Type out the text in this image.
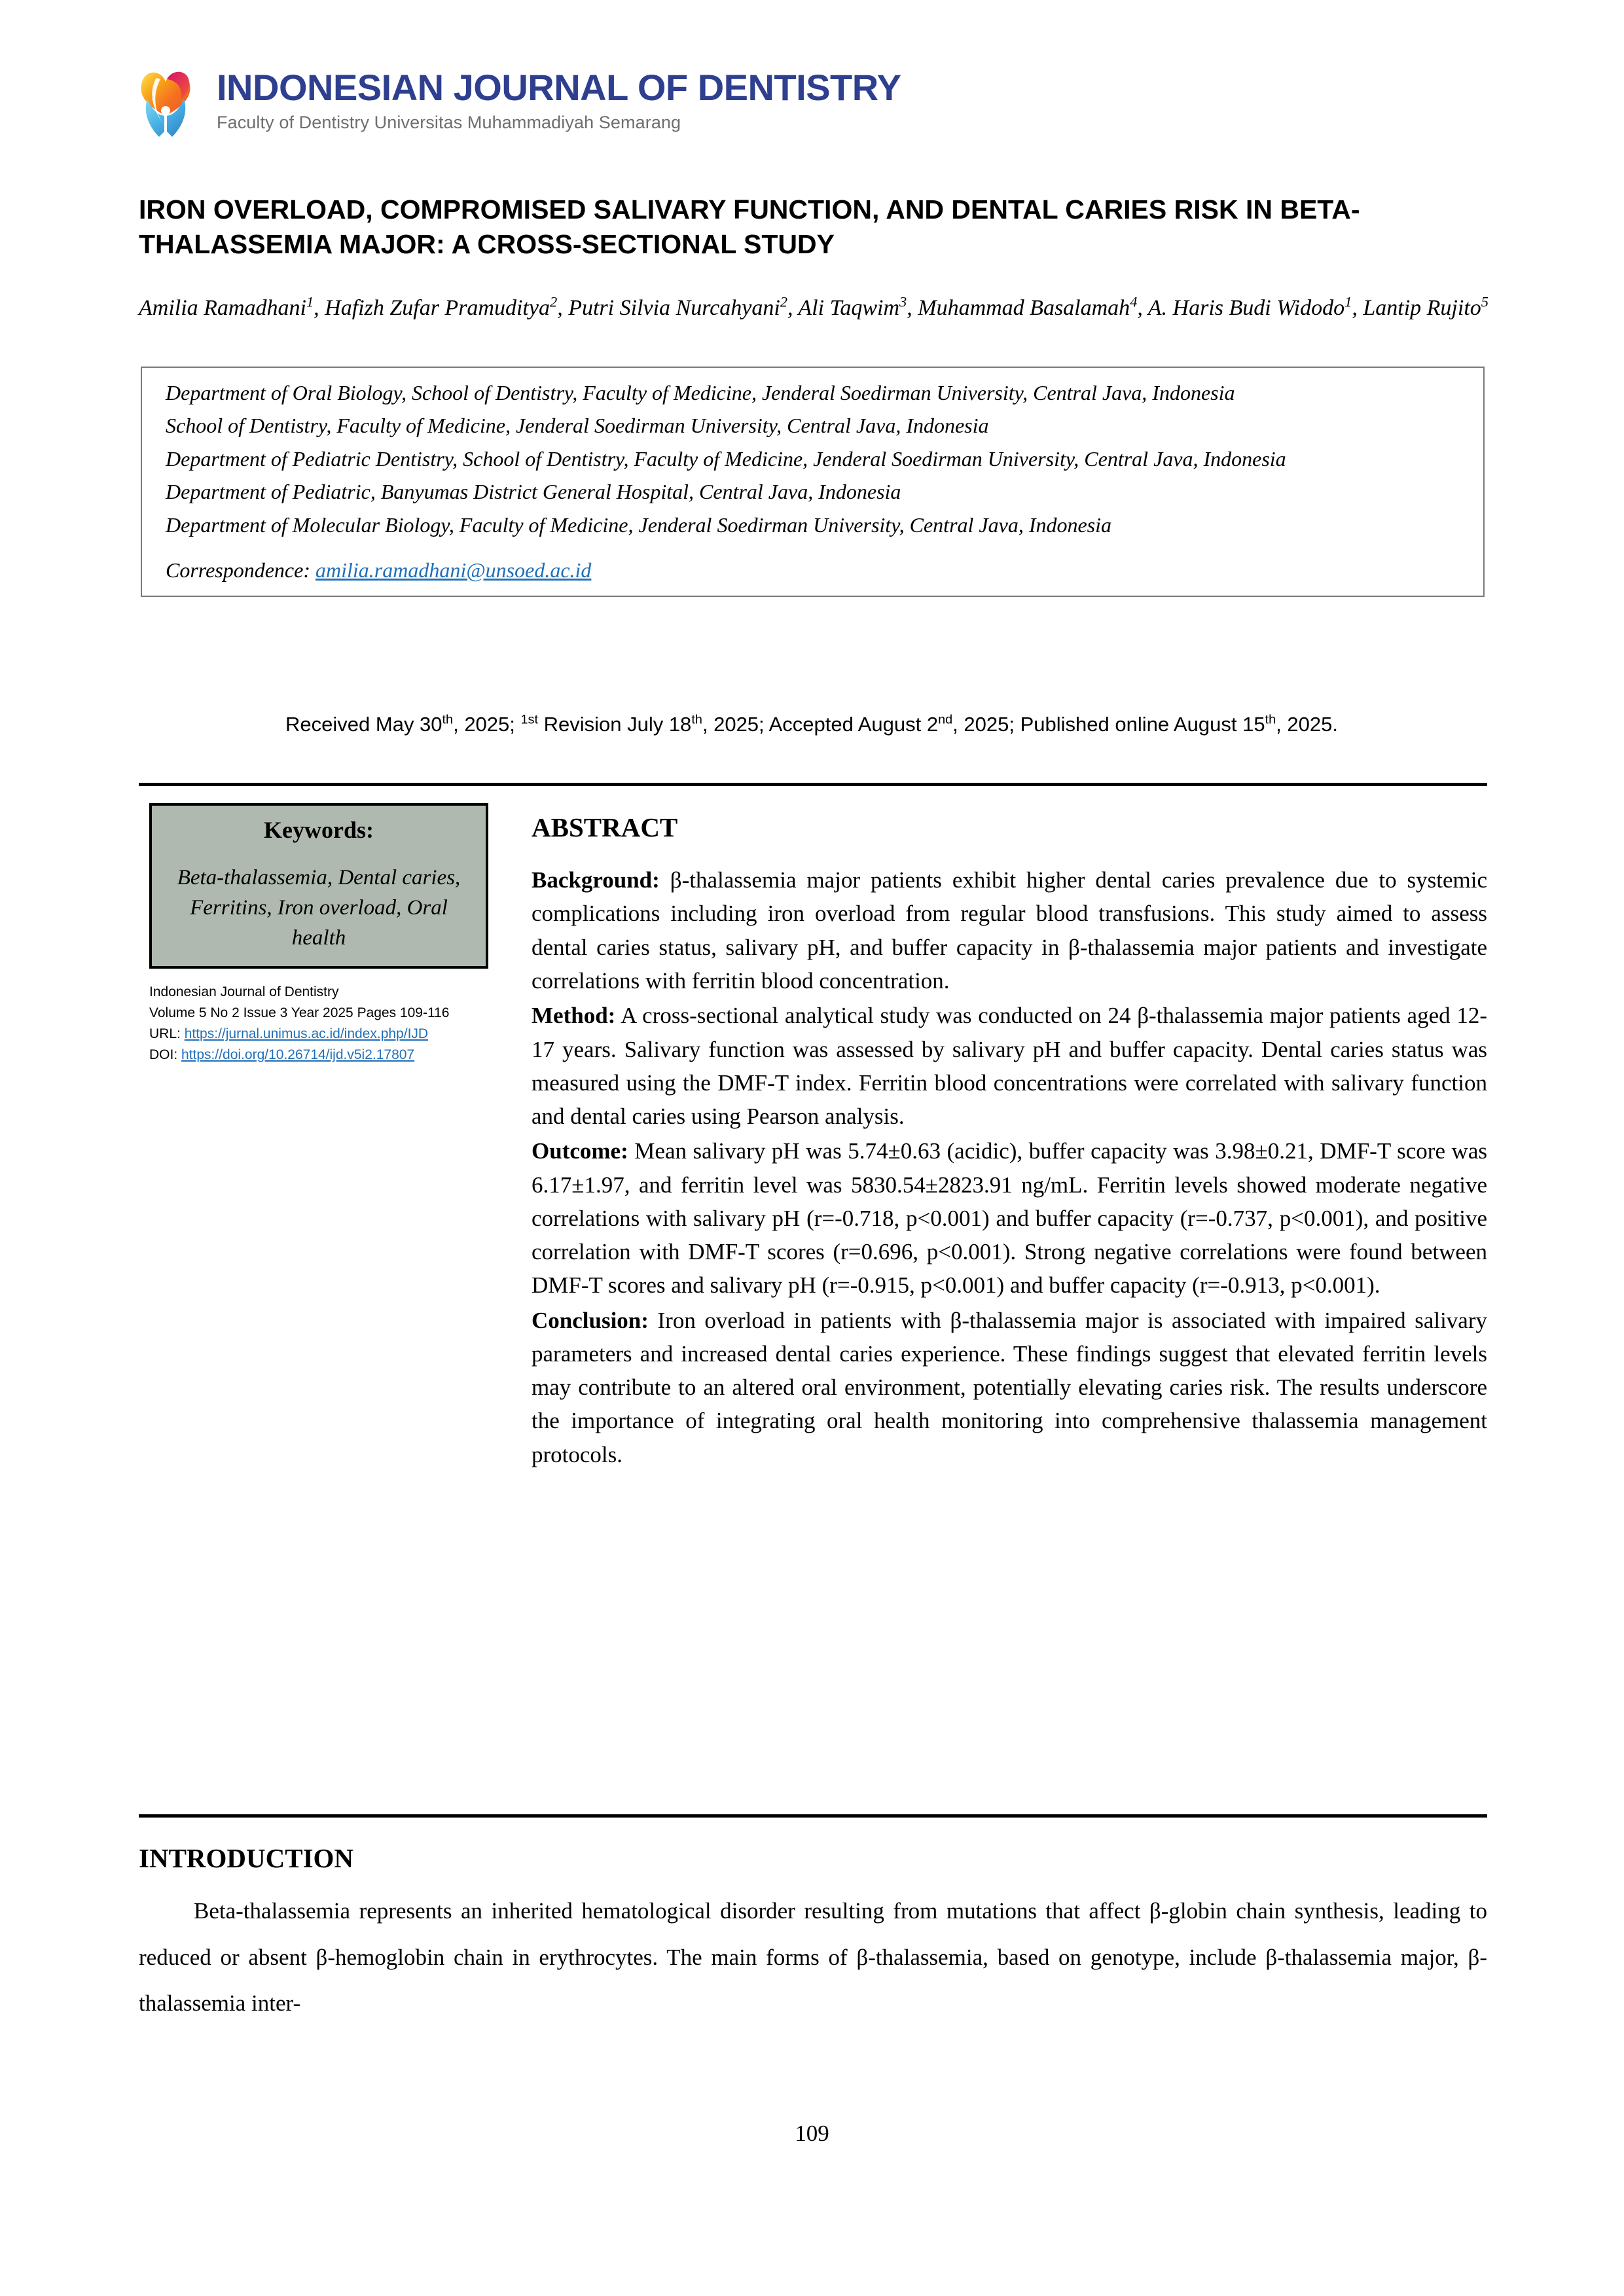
INDONESIAN JOURNAL OF DENTISTRY
Faculty of Dentistry Universitas Muhammadiyah Semarang
IRON OVERLOAD, COMPROMISED SALIVARY FUNCTION, AND DENTAL CARIES RISK IN BETA-THALASSEMIA MAJOR: A CROSS-SECTIONAL STUDY
Amilia Ramadhani$^1$, Hafizh Zufar Pramuditya$^2$, Putri Silvia Nurcahyani$^2$, Ali Taqwim$^3$, Muhammad Basalamah$^4$, A. Haris Budi Widodo$^1$, Lantip Rujito$^5$
Department of Oral Biology, School of Dentistry, Faculty of Medicine, Jenderal Soedirman University, Central Java, Indonesia
School of Dentistry, Faculty of Medicine, Jenderal Soedirman University, Central Java, Indonesia
Department of Pediatric Dentistry, School of Dentistry, Faculty of Medicine, Jenderal Soedirman University, Central Java, Indonesia
Department of Pediatric, Banyumas District General Hospital, Central Java, Indonesia
Department of Molecular Biology, Faculty of Medicine, Jenderal Soedirman University, Central Java, Indonesia
Correspondence: amilia.ramadhani@unsoed.ac.id
Received May 30th, 2025; $^{1st}$ Revision July 18th, 2025; Accepted August 2nd, 2025; Published online August 15th, 2025.
Keywords:
Beta-thalassemia, Dental caries, Ferritins, Iron overload, Oral health
Indonesian Journal of Dentistry
Volume 5 No 2 Issue 3 Year 2025 Pages 109-116
URL: https://jurnal.unimus.ac.id/index.php/IJD
DOI: https://doi.org/10.26714/ijd.v5i2.17807
ABSTRACT

Background: β-thalassemia major patients exhibit higher dental caries prevalence due to systemic complications including iron overload from regular blood transfusions. This study aimed to assess dental caries status, salivary pH, and buffer capacity in β-thalassemia major patients and investigate correlations with ferritin blood concentration.

Method: A cross-sectional analytical study was conducted on 24 β-thalassemia major patients aged 12-17 years. Salivary function was assessed by salivary pH and buffer capacity. Dental caries status was measured using the DMF-T index. Ferritin blood concentrations were correlated with salivary function and dental caries using Pearson analysis.

Outcome: Mean salivary pH was 5.74±0.63 (acidic), buffer capacity was 3.98±0.21, DMF-T score was 6.17±1.97, and ferritin level was 5830.54±2823.91 ng/mL. Ferritin levels showed moderate negative correlations with salivary pH (r=-0.718, p<0.001) and buffer capacity (r=-0.737, p<0.001), and positive correlation with DMF-T scores (r=0.696, p<0.001). Strong negative correlations were found between DMF-T scores and salivary pH (r=-0.915, p<0.001) and buffer capacity (r=-0.913, p<0.001).

Conclusion: Iron overload in patients with β-thalassemia major is associated with impaired salivary parameters and increased dental caries experience. These findings suggest that elevated ferritin levels may contribute to an altered oral environment, potentially elevating caries risk. The results underscore the importance of integrating oral health monitoring into comprehensive thalassemia management protocols.

INTRODUCTION

Beta-thalassemia represents an inherited hematological disorder resulting from mutations that affect β-globin chain synthesis, leading to reduced or absent β-hemoglobin chain in erythrocytes. The main forms of β-thalassemia, based on genotype, include β-thalassemia major, β-thalassemia inter-

109
